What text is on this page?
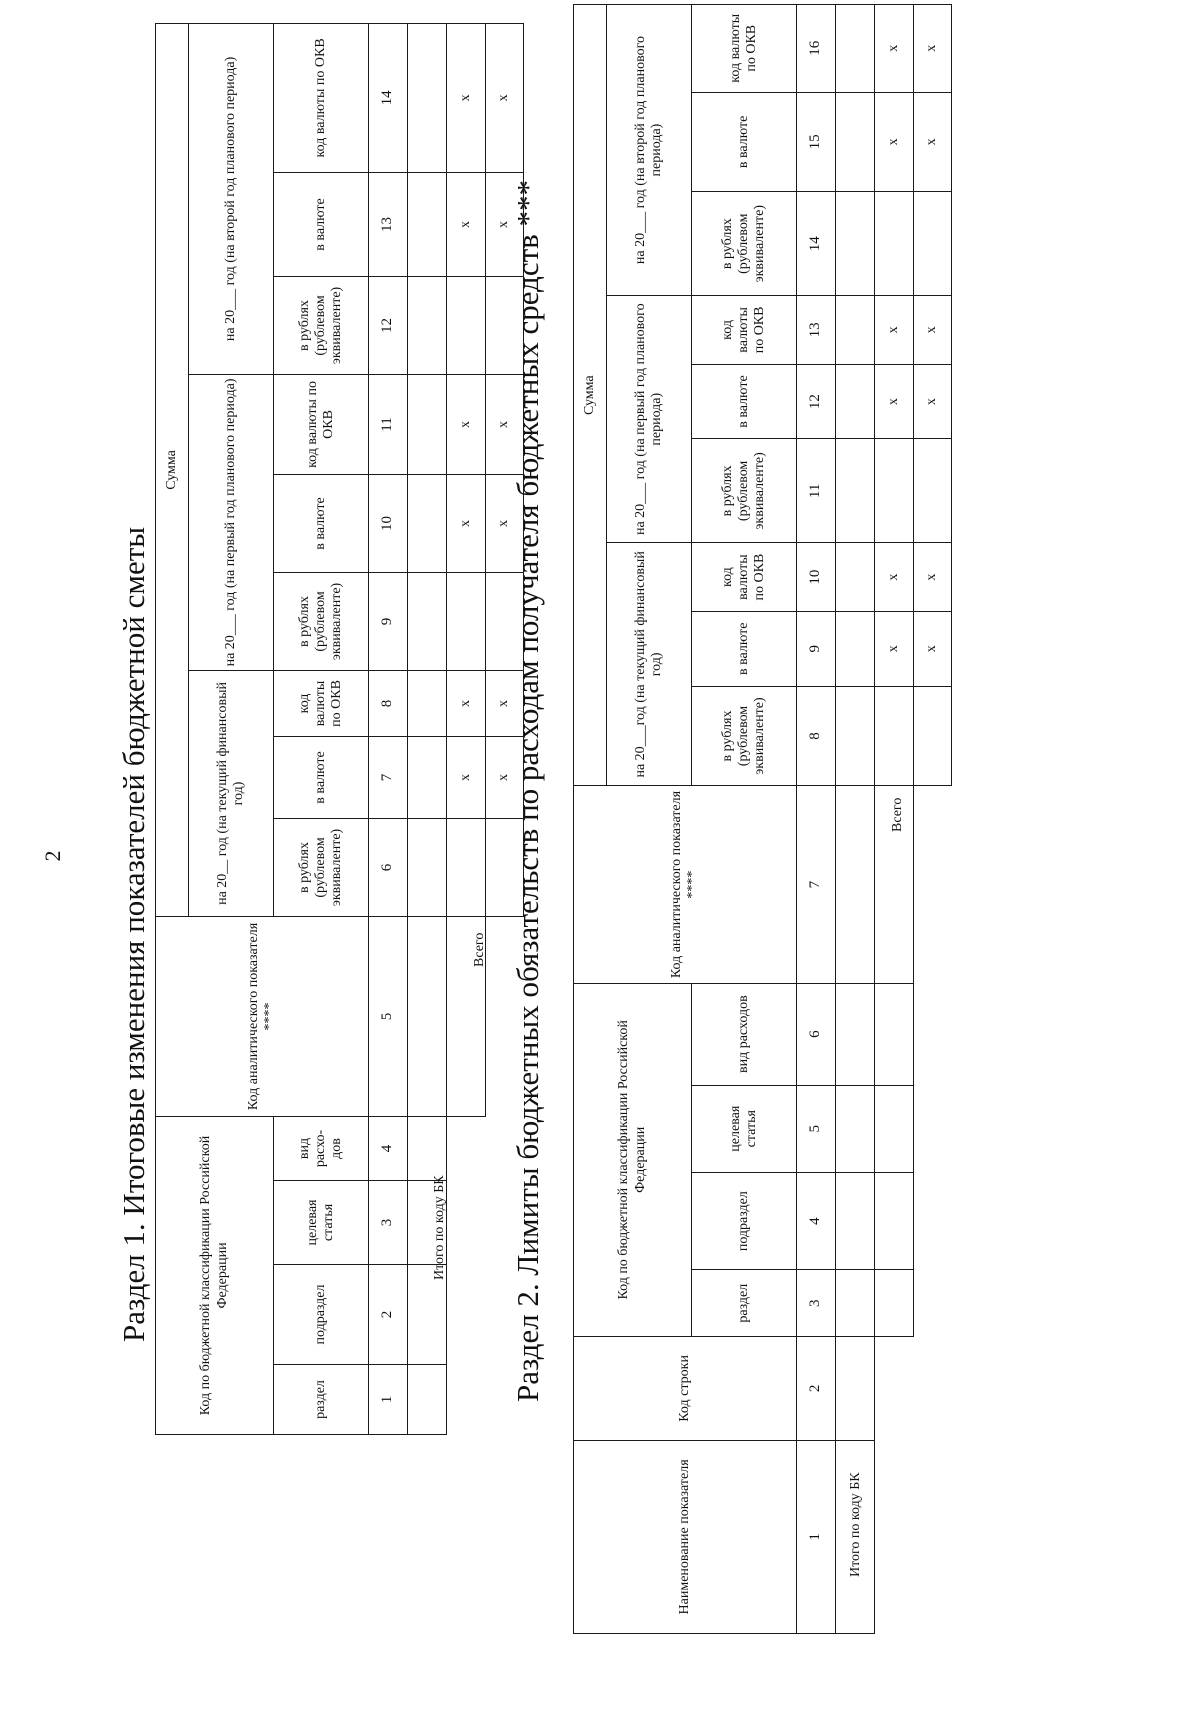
2 Раздел 1. Итоговые изменения показателей бюджетной сметы	Код по бюджетной классификации Российской Федерации				Код аналитического показателя ****	Сумма								
					на 20__ год (на текущий финансовый год)			на 20___ год (на первый год планового периода)			на 20___ год (на второй год планового периода)		
раздел	подраздел	целевая статья	вид расхо-дов		в рублях (рублевом эквиваленте)	в валюте	код валюты по ОКВ	в рублях (рублевом эквиваленте)	в валюте	код валюты по ОКВ	в рублях (рублевом эквиваленте)	в валюте	код валюты по ОКВ
1	2	3	4	5	6	7	8	9	10	11	12	13	14

						х	х		х	х		х	х
						х	х		х	х		х	х
Итого по коду БК
Всего Раздел 2. Лимиты бюджетных обязательств по расходам получателя бюджетных средств ***
Наименование показателя	Код строки	Код по бюджетной классификации Российской Федерации				Код аналитического показателя ****	Сумма								
							на 20___год (на текущий финансовый год)			на 20___ год (на первый год планового периода)			на 20___ год (на второй год планового периода)		
		раздел	подраздел	целевая статья	вид расходов		в рублях (рублевом эквиваленте)	в валюте	код валюты по ОКВ	в рублях (рублевом эквиваленте)	в валюте	код валюты по ОКВ	в рублях (рублевом эквиваленте)	в валюте	код валюты по ОКВ
1	2	3	4	5	6	7	8	9	10	11	12	13	14	15	16

								х	х		х	х		х	х
								х	х		х	х		х	х
Итого по коду БК
Всего
